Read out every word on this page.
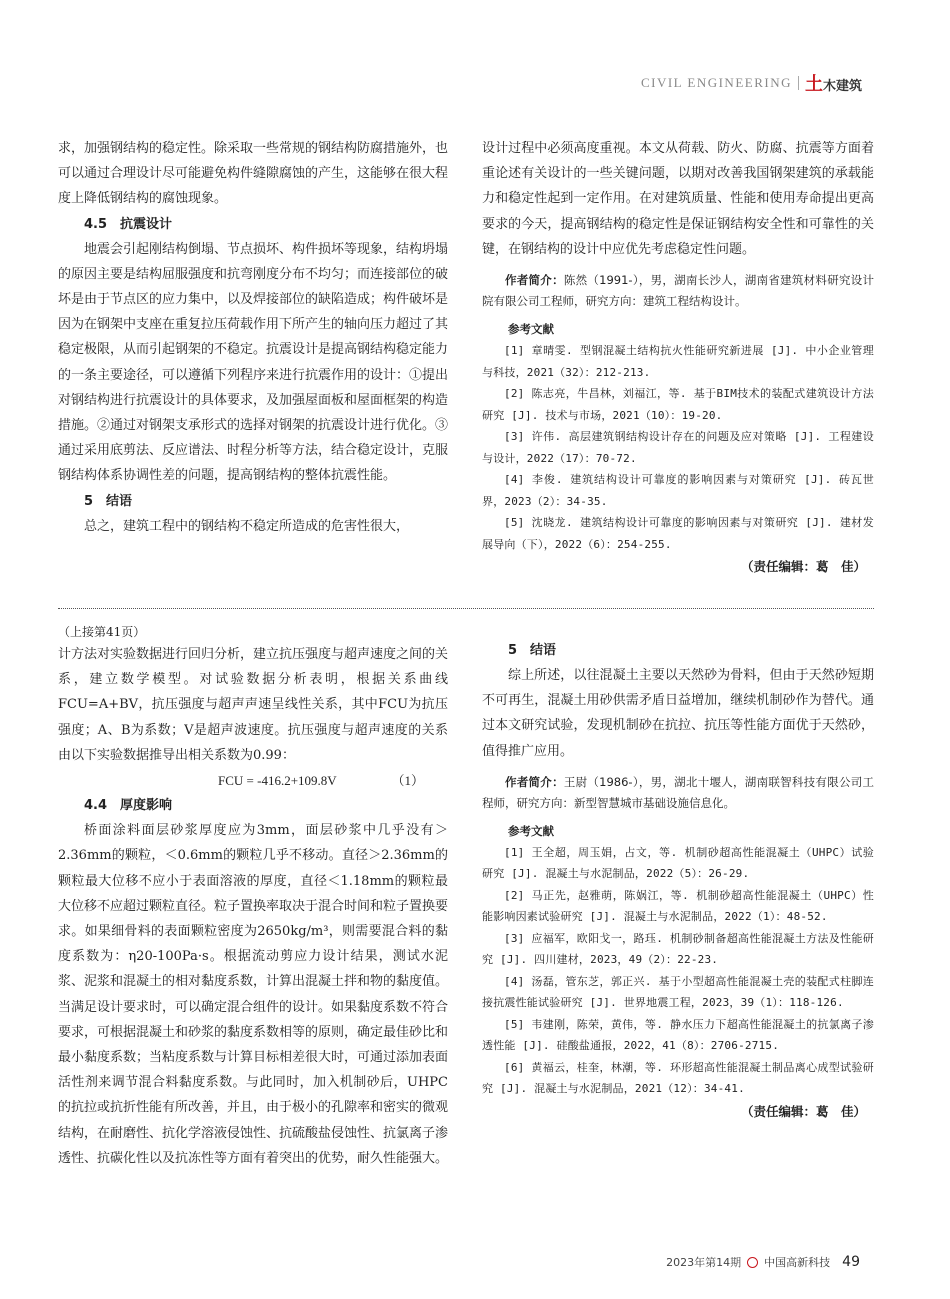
CIVIL ENGINEERING 土木建筑

求，加强钢结构的稳定性。除采取一些常规的钢结构防腐措施外，也可以通过合理设计尽可能避免构件缝隙腐蚀的产生，这能够在很大程度上降低钢结构的腐蚀现象。

4.5　抗震设计

地震会引起刚结构倒塌、节点损坏、构件损坏等现象，结构坍塌的原因主要是结构屈服强度和抗弯刚度分布不均匀；而连接部位的破坏是由于节点区的应力集中，以及焊接部位的缺陷造成；构件破坏是因为在钢架中支座在重复拉压荷载作用下所产生的轴向压力超过了其稳定极限，从而引起钢架的不稳定。抗震设计是提高钢结构稳定能力的一条主要途径，可以遵循下列程序来进行抗震作用的设计：①提出对钢结构进行抗震设计的具体要求，及加强屋面板和屋面框架的构造措施。②通过对钢架支承形式的选择对钢架的抗震设计进行优化。③通过采用底剪法、反应谱法、时程分析等方法，结合稳定设计，克服钢结构体系协调性差的问题，提高钢结构的整体抗震性能。

5　结语

总之，建筑工程中的钢结构不稳定所造成的危害性很大，

设计过程中必须高度重视。本文从荷载、防火、防腐、抗震等方面着重论述有关设计的一些关键问题，以期对改善我国钢架建筑的承载能力和稳定性起到一定作用。在对建筑质量、性能和使用寿命提出更高要求的今天，提高钢结构的稳定性是保证钢结构安全性和可靠性的关键，在钢结构的设计中应优先考虑稳定性问题。

作者简介：陈然（1991-），男，湖南长沙人，湖南省建筑材料研究设计院有限公司工程师，研究方向：建筑工程结构设计。
参考文献
[1] 章晴雯. 型钢混凝土结构抗火性能研究新进展 [J]. 中小企业管理与科技，2021（32）：212-213.
[2] 陈志亮，牛昌林，刘福江，等. 基于BIM技术的装配式建筑设计方法研究 [J]. 技术与市场，2021（10）：19-20.
[3] 许伟. 高层建筑钢结构设计存在的问题及应对策略 [J]. 工程建设与设计，2022（17）：70-72.
[4] 李俊. 建筑结构设计可靠度的影响因素与对策研究 [J]. 砖瓦世界，2023（2）：34-35.
[5] 沈晓龙. 建筑结构设计可靠度的影响因素与对策研究 [J]. 建材发展导向（下），2022（6）：254-255.
（责任编辑：葛　佳）

（上接第41页）

计方法对实验数据进行回归分析，建立抗压强度与超声速度之间的关系，建立数学模型。对试验数据分析表明，根据关系曲线FCU=A+BV，抗压强度与超声声速呈线性关系，其中FCU为抗压强度；A、B为系数；V是超声波速度。抗压强度与超声速度的关系由以下实验数据推导出相关系数为0.99：

FCU = -416.2+109.8V	（1）
4.4　厚度影响

桥面涂料面层砂浆厚度应为3mm，面层砂浆中几乎没有＞2.36mm的颗粒，＜0.6mm的颗粒几乎不移动。直径＞2.36mm的颗粒最大位移不应小于表面溶液的厚度，直径＜1.18mm的颗粒最大位移不应超过颗粒直径。粒子置换率取决于混合时间和粒子置换要求。如果细骨料的表面颗粒密度为2650kg/m³，则需要混合料的黏度系数为：η20-100Pa·s。根据流动剪应力设计结果，测试水泥浆、泥浆和混凝土的相对黏度系数，计算出混凝土拌和物的黏度值。当满足设计要求时，可以确定混合组件的设计。如果黏度系数不符合要求，可根据混凝土和砂浆的黏度系数相等的原则，确定最佳砂比和最小黏度系数；当粘度系数与计算目标相差很大时，可通过添加表面活性剂来调节混合料黏度系数。与此同时，加入机制砂后，UHPC的抗拉或抗折性能有所改善，并且，由于极小的孔隙率和密实的微观结构，在耐磨性、抗化学溶液侵蚀性、抗硫酸盐侵蚀性、抗氯离子渗透性、抗碳化性以及抗冻性等方面有着突出的优势，耐久性能强大。

5　结语

综上所述，以往混凝土主要以天然砂为骨料，但由于天然砂短期不可再生，混凝土用砂供需矛盾日益增加，继续机制砂作为替代。通过本文研究试验，发现机制砂在抗拉、抗压等性能方面优于天然砂，值得推广应用。

作者简介：王尉（1986-），男，湖北十堰人，湖南联智科技有限公司工程师，研究方向：新型智慧城市基础设施信息化。
参考文献
[1] 王全超，周玉娟，占文，等. 机制砂超高性能混凝土（UHPC）试验研究 [J]. 混凝土与水泥制品，2022（5）：26-29.
[2] 马正先，赵雅萌，陈娲江，等. 机制砂超高性能混凝土（UHPC）性能影响因素试验研究 [J]. 混凝土与水泥制品，2022（1）：48-52.
[3] 应福军，欧阳戈一，路珏. 机制砂制备超高性能混凝土方法及性能研究 [J]. 四川建材，2023，49（2）：22-23.
[4] 汤磊，管东芝，郭正兴. 基于小型超高性能混凝土壳的装配式柱脚连接抗震性能试验研究 [J]. 世界地震工程，2023，39（1）：118-126.
[5] 韦建刚，陈荣，黄伟，等. 静水压力下超高性能混凝土的抗氯离子渗透性能 [J]. 硅酸盐通报，2022，41（8）：2706-2715.
[6] 黄福云，桂奎，林潮，等. 环形超高性能混凝土制品离心成型试验研究 [J]. 混凝土与水泥制品，2021（12）：34-41.
（责任编辑：葛　佳）
2023年第14期 中国高新科技 49
